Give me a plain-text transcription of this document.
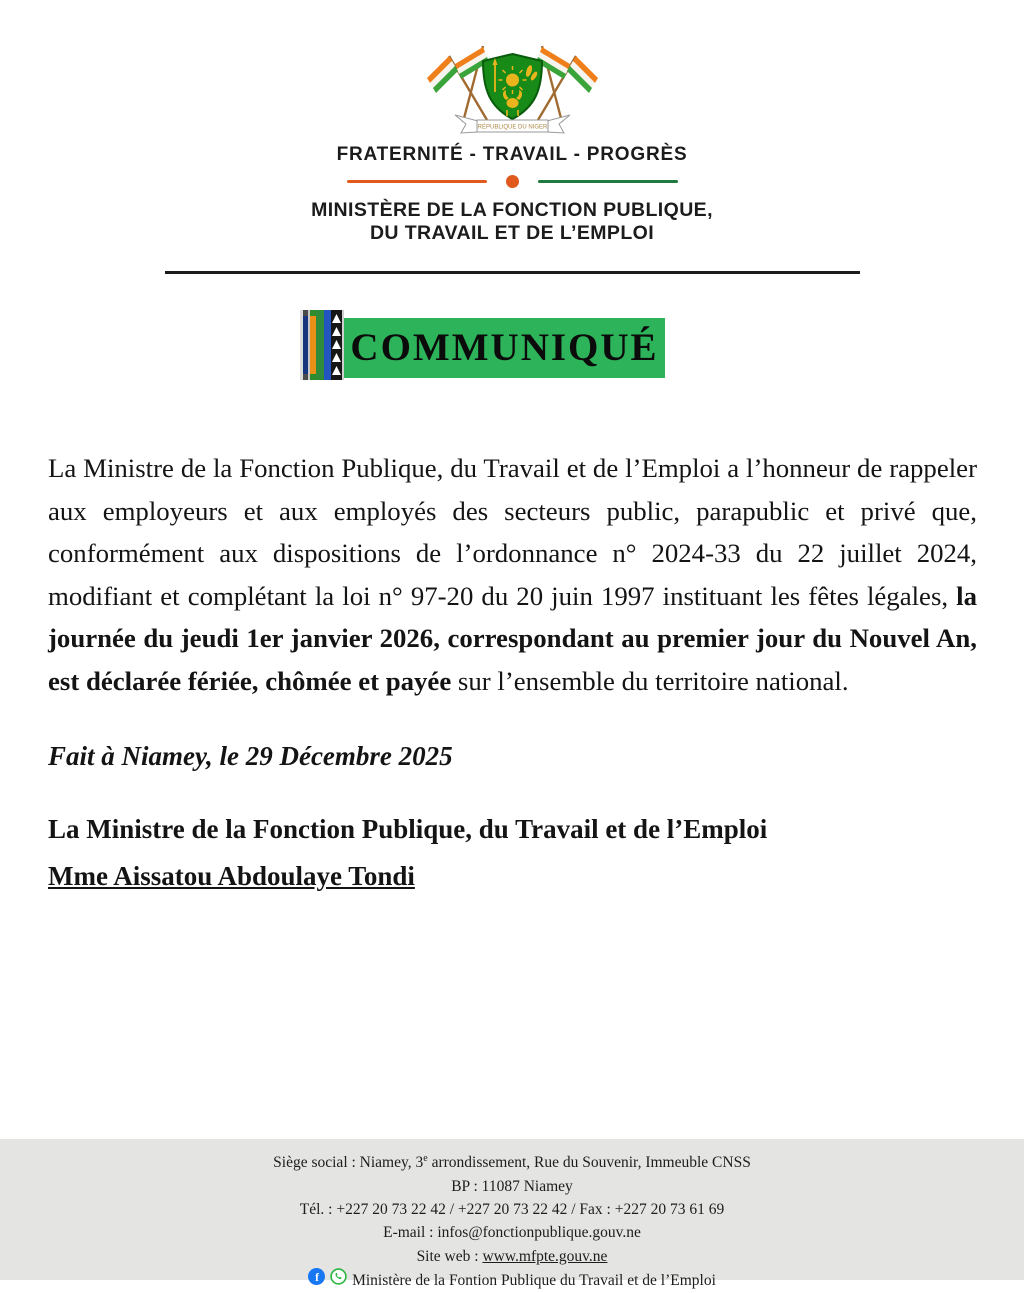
RÉPUBLIQUE DU NIGER
FRATERNITÉ - TRAVAIL - PROGRÈS
MINISTÈRE DE LA FONCTION PUBLIQUE,
DU TRAVAIL ET DE L’EMPLOI
COMMUNIQUÉ

La Ministre de la Fonction Publique, du Travail et de l’Emploi a l’honneur de rappeler aux employeurs et aux employés des secteurs public, parapublic et privé que, conformément aux dispositions de l’ordonnance n° 2024-33 du 22 juillet 2024, modifiant et complétant la loi n° 97-20 du 20 juin 1997 instituant les fêtes légales, la journée du jeudi 1er janvier 2026, correspondant au premier jour du Nouvel An, est déclarée fériée, chômée et payée sur l’ensemble du territoire national.

Fait à Niamey, le 29 Décembre 2025

La Ministre de la Fonction Publique, du Travail et de l’Emploi

Mme Aissatou Abdoulaye Tondi

Siège social : Niamey, 3e arrondissement, Rue du Souvenir, Immeuble CNSS
BP : 11087 Niamey
Tél. : +227 20 73 22 42 / +227 20 73 22 42 / Fax : +227 20 73 61 69
E-mail : infos@fonctionpublique.gouv.ne
Site web : www.mfpte.gouv.ne
f Ministère de la Fontion Publique du Travail et de l’Emploi
